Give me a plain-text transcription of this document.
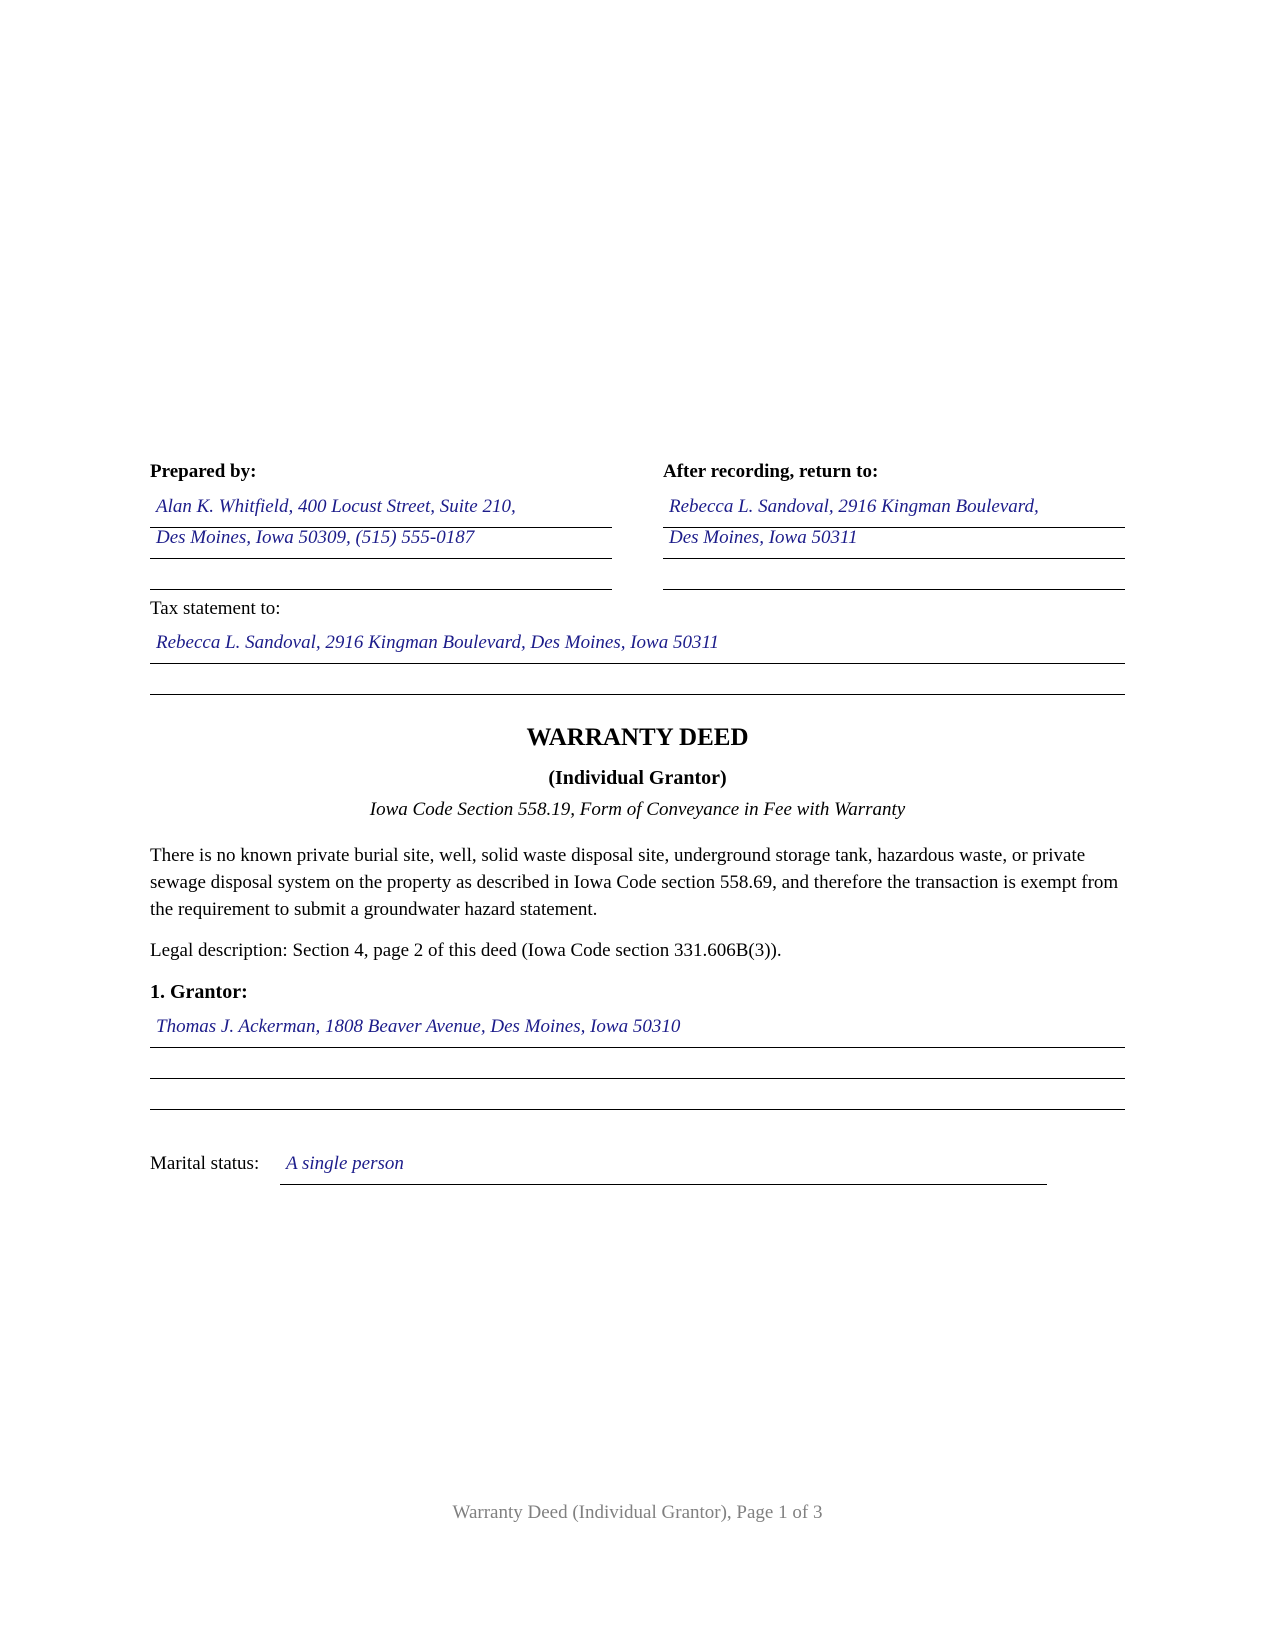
Prepared by:
Alan K. Whitfield, 400 Locust Street, Suite 210,
Des Moines, Iowa 50309, (515) 555-0187
After recording, return to:
Rebecca L. Sandoval, 2916 Kingman Boulevard,
Des Moines, Iowa 50311
Tax statement to:
Rebecca L. Sandoval, 2916 Kingman Boulevard, Des Moines, Iowa 50311
WARRANTY DEED
(Individual Grantor)
Iowa Code Section 558.19, Form of Conveyance in Fee with Warranty
There is no known private burial site, well, solid waste disposal site, underground storage tank, hazardous waste, or private sewage disposal system on the property as described in Iowa Code section 558.69, and therefore the transaction is exempt from the requirement to submit a groundwater hazard statement.
Legal description: Section 4, page 2 of this deed (Iowa Code section 331.606B(3)).
1. Grantor:
Thomas J. Ackerman, 1808 Beaver Avenue, Des Moines, Iowa 50310
Marital status: A single person
Warranty Deed (Individual Grantor), Page 1 of 3
